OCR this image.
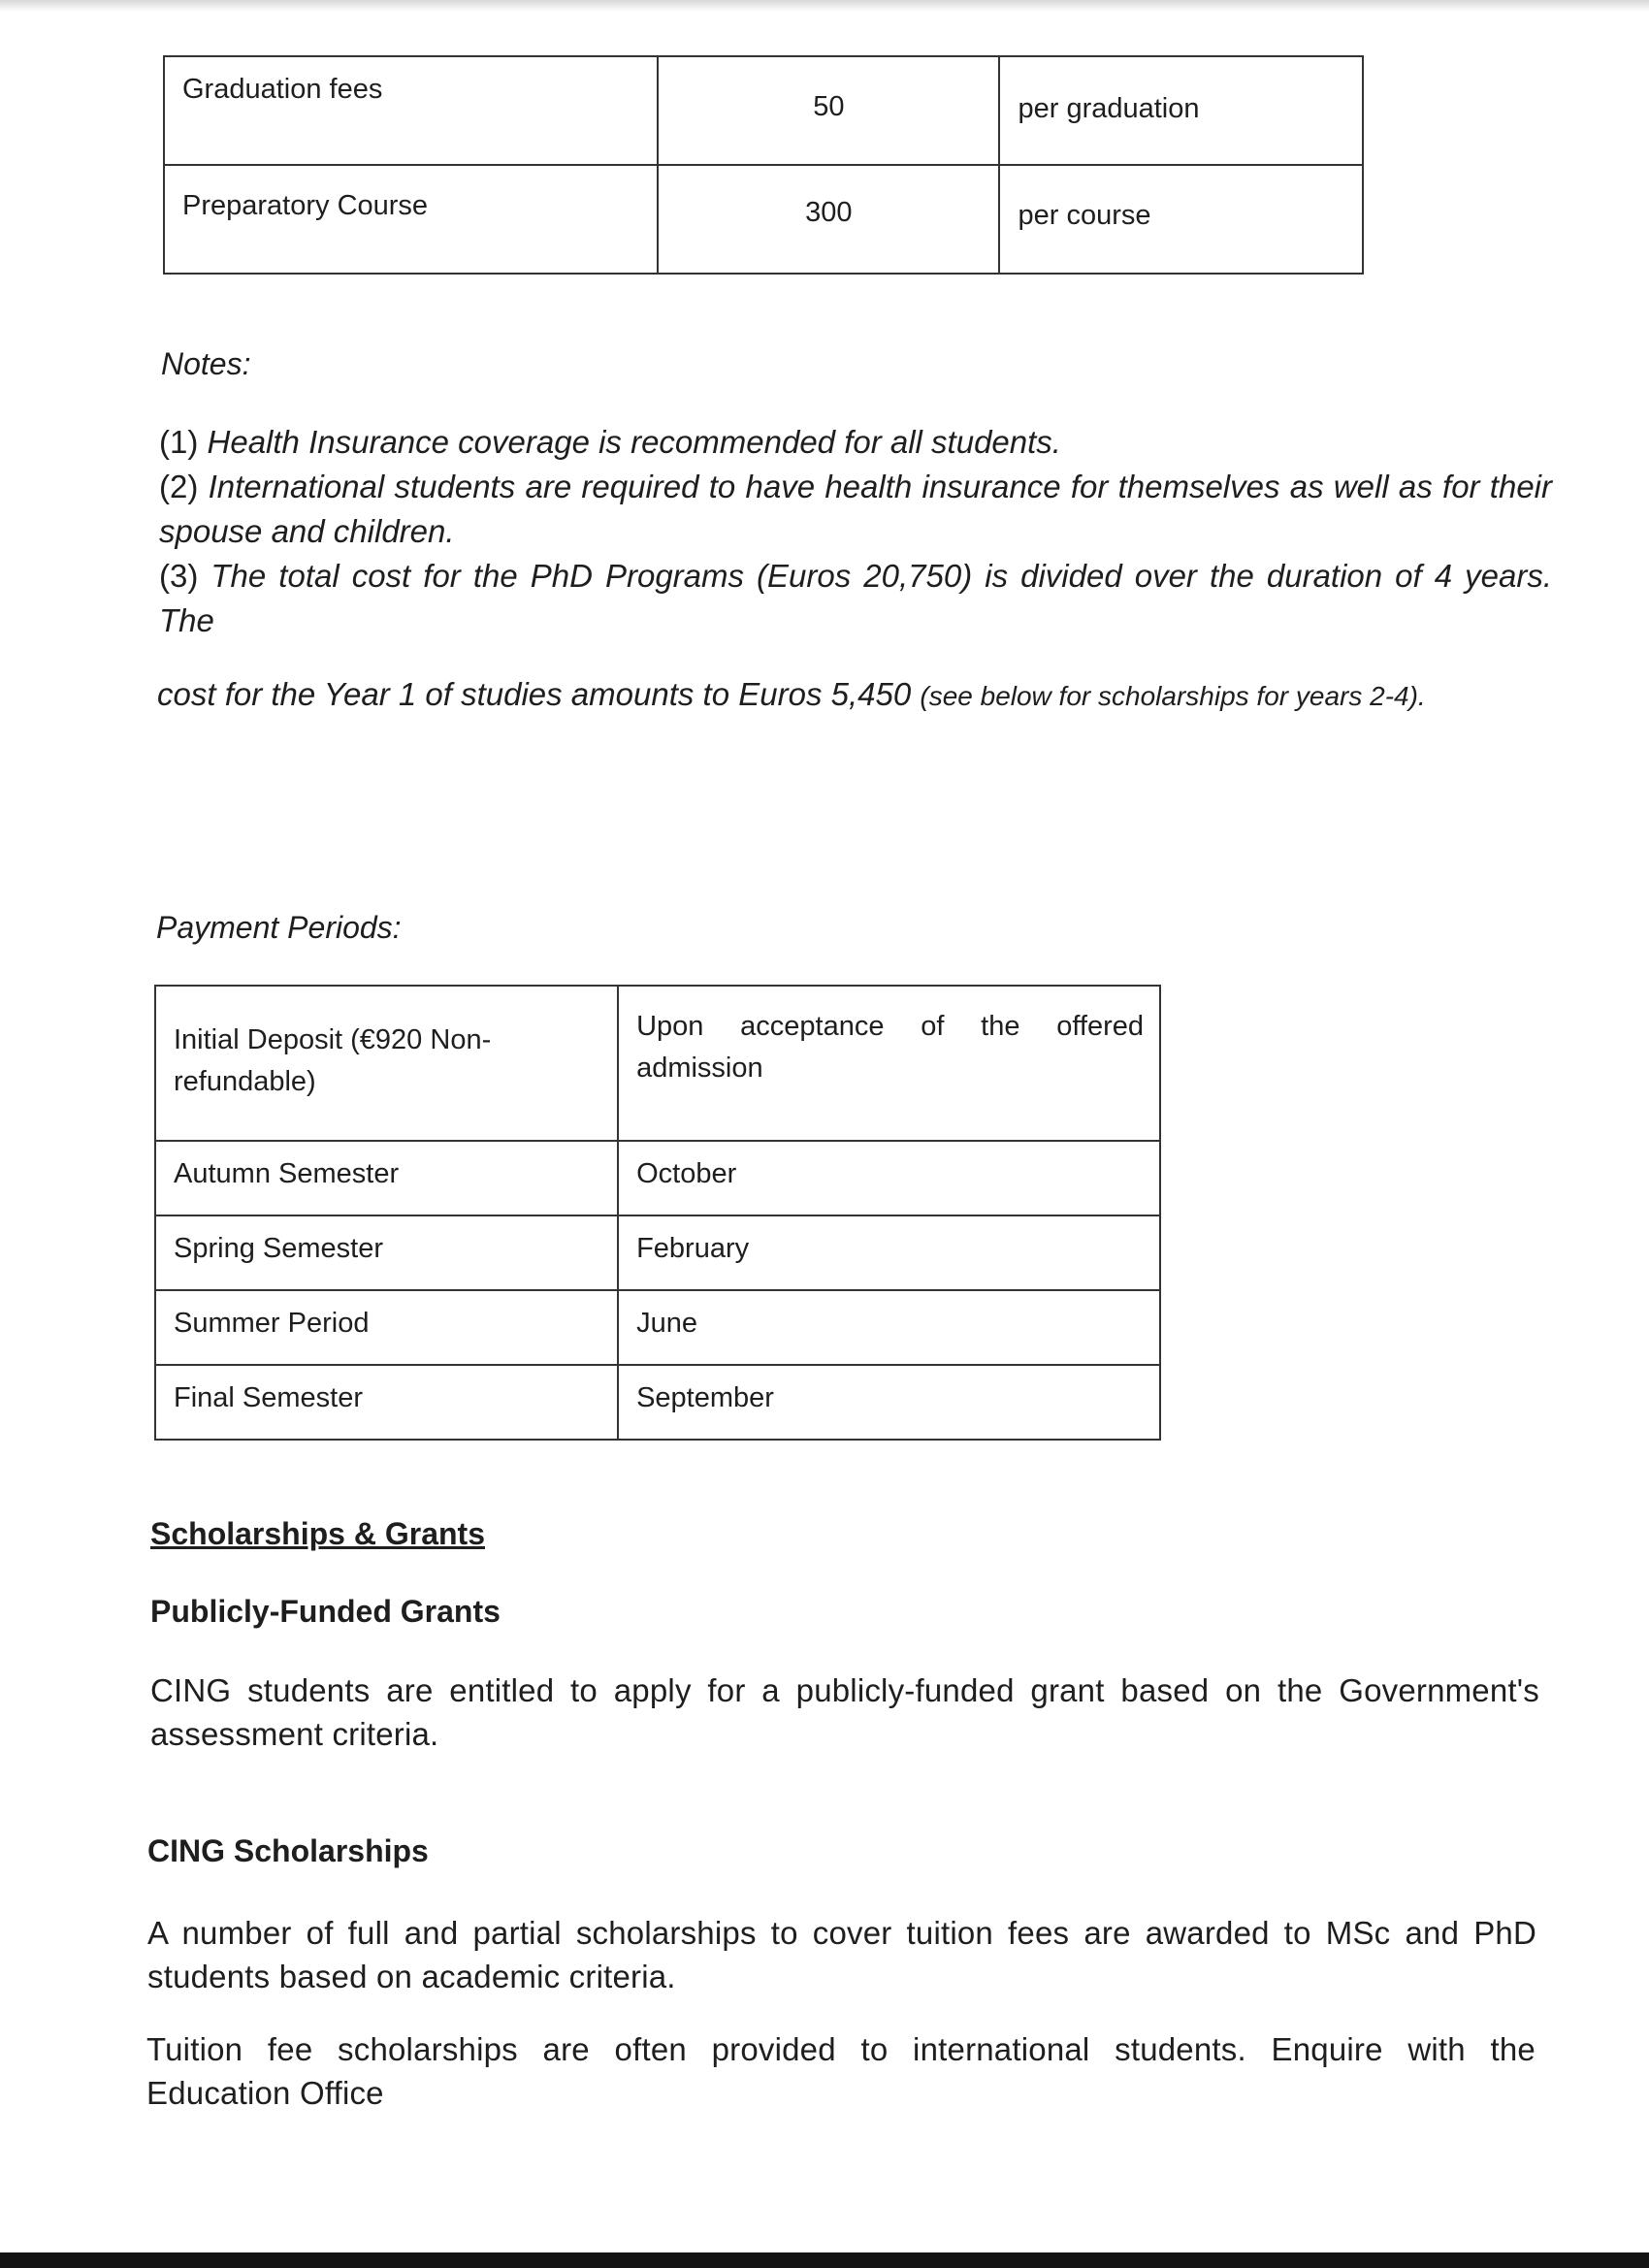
Graduation fees	50	per graduation
Preparatory Course	300	per course
Notes:

(1) Health Insurance coverage is recommended for all students.

(2) International students are required to have health insurance for themselves as well as for their

spouse and children.

(3) The total cost for the PhD Programs (Euros 20,750) is divided over the duration of 4 years. The

cost for the Year 1 of studies amounts to Euros 5,450 (see below for scholarships for years 2-4).
Payment Periods:
Initial Deposit (€920 Non-refundable)	Upon acceptance of the offered admission
Autumn Semester	October
Spring Semester	February
Summer Period	June
Final Semester	September
Scholarships & Grants
Publicly-Funded Grants
CING students are entitled to apply for a publicly-funded grant based on the Government's
assessment criteria.
CING Scholarships
A number of full and partial scholarships to cover tuition fees are awarded to MSc and PhD
students based on academic criteria.
Tuition fee scholarships are often provided to international students. Enquire with the
Education Office
